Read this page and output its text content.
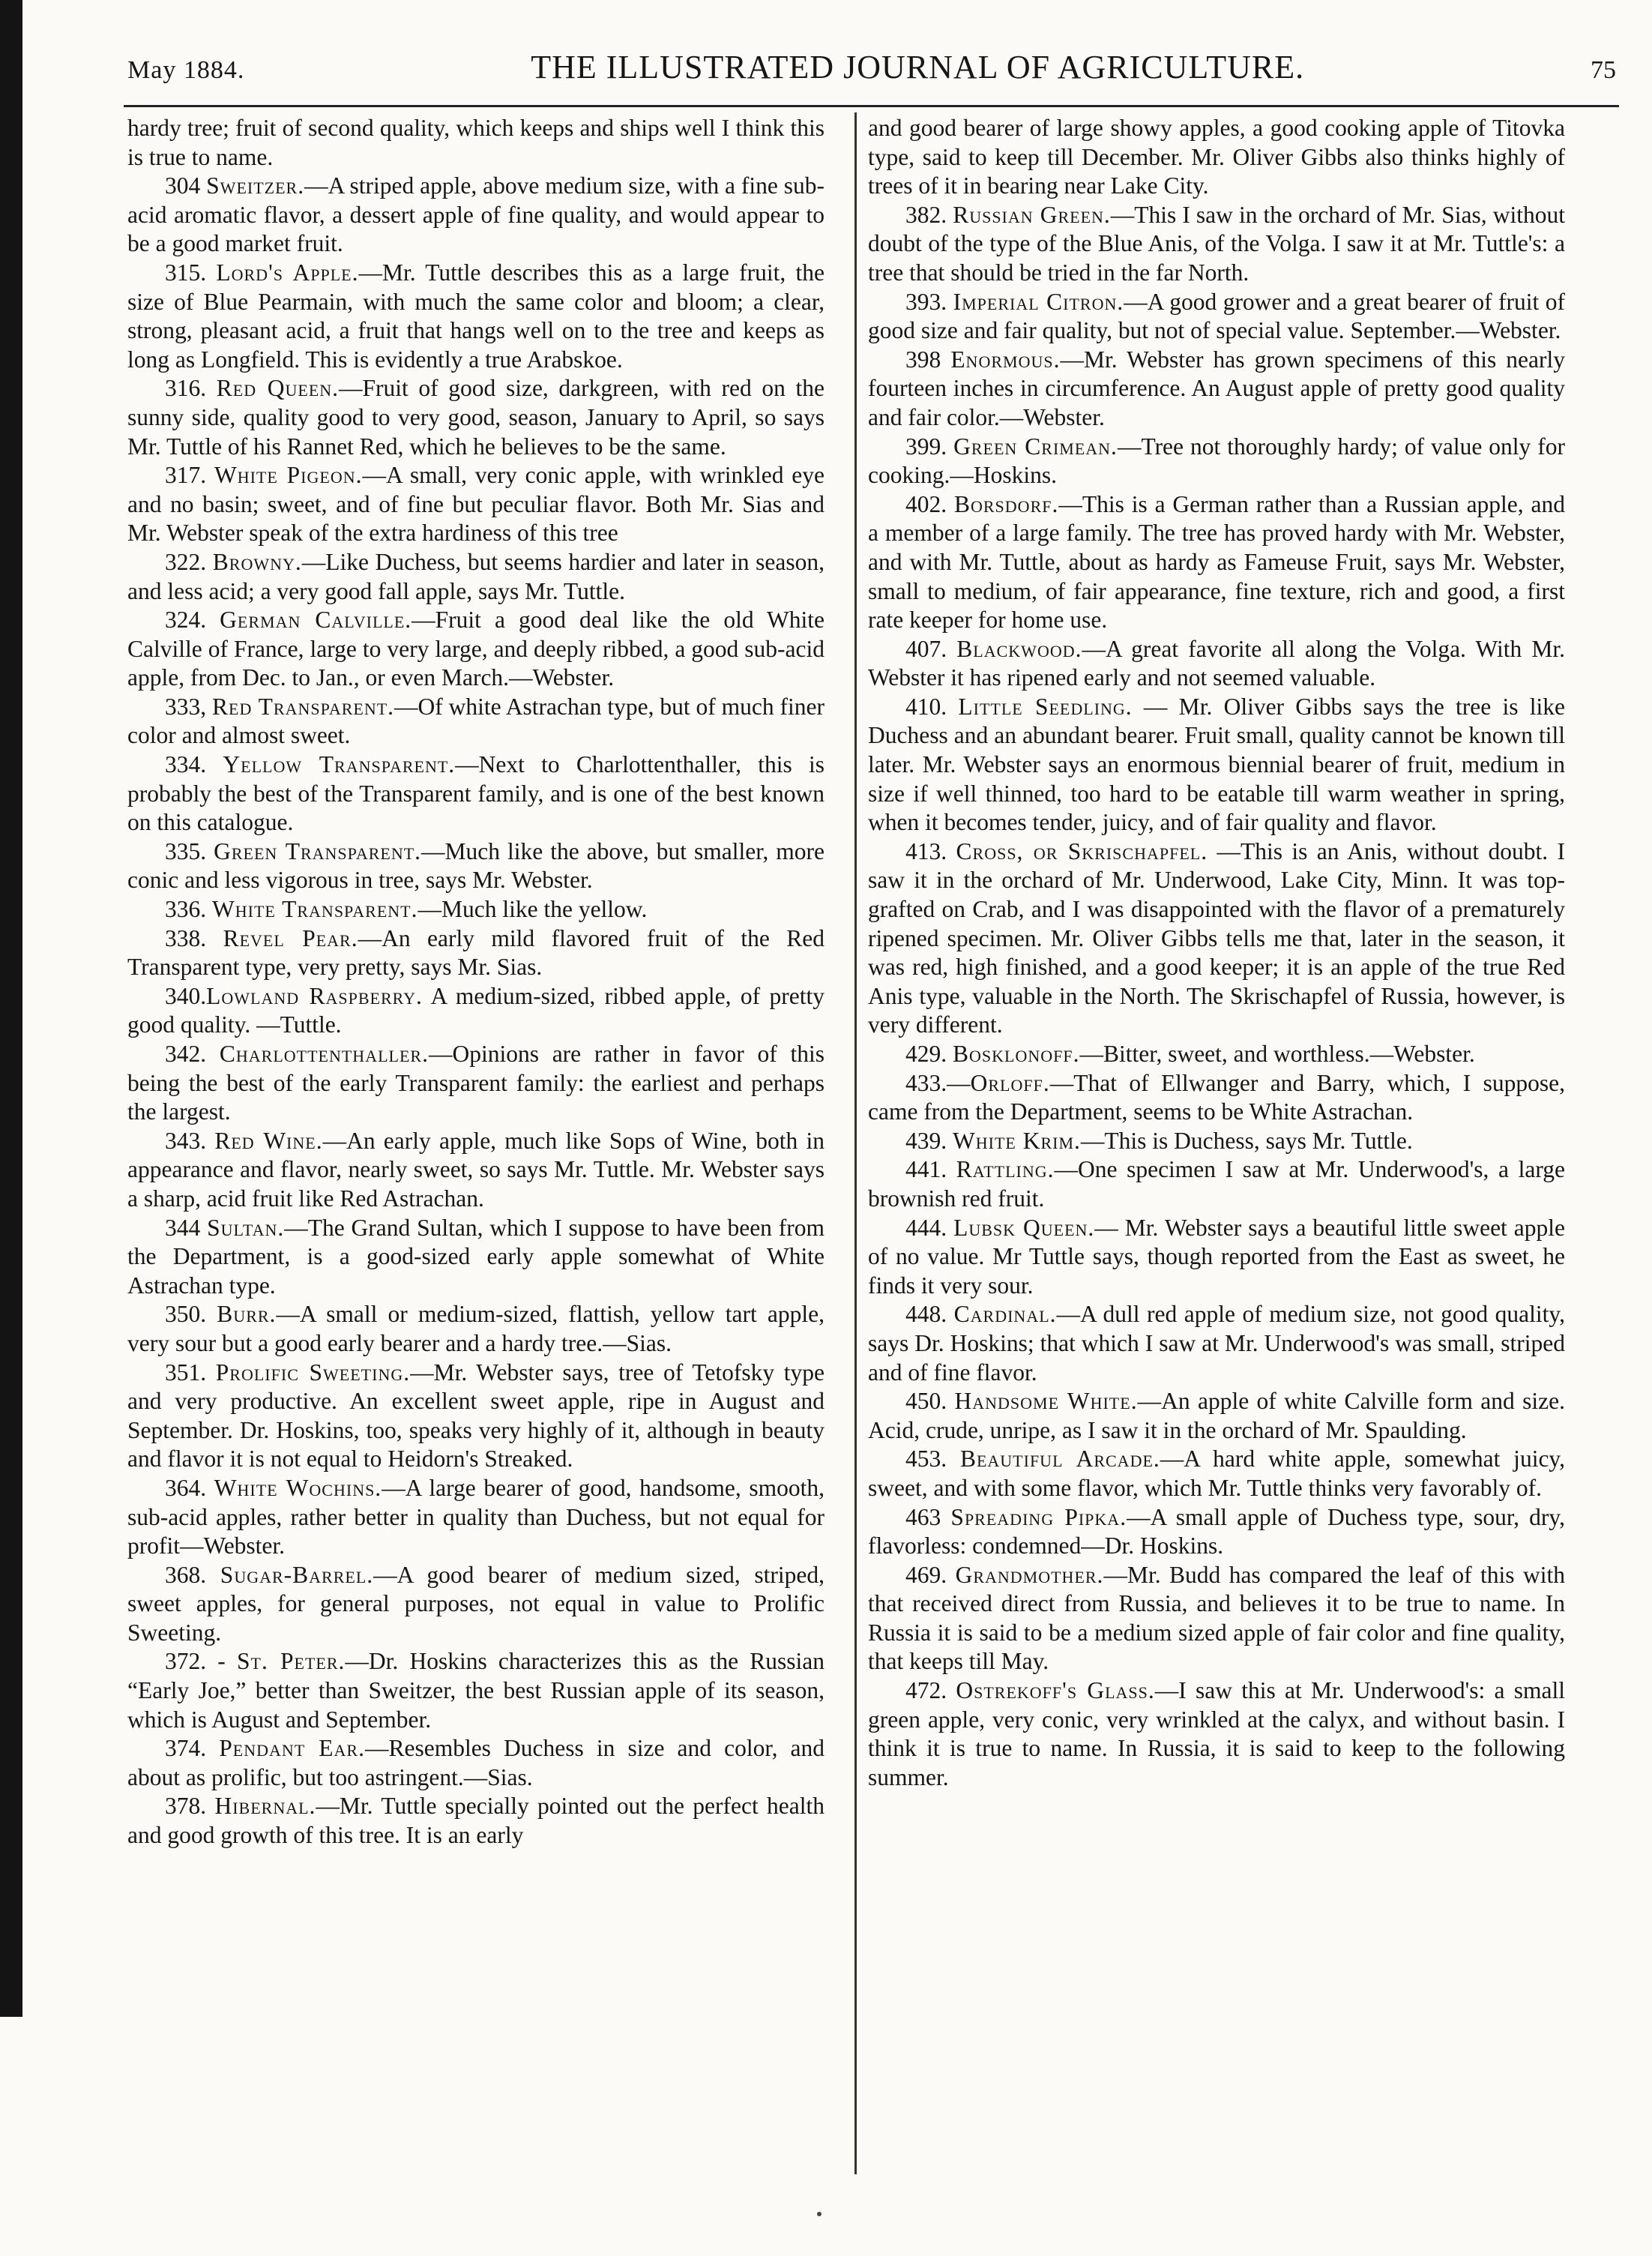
May 1884.	THE ILLUSTRATED JOURNAL OF AGRICULTURE.	75

hardy tree; fruit of second quality, which keeps and ships well I think this is true to name.

304 Sweitzer.—A striped apple, above medium size, with a fine sub-acid aromatic flavor, a dessert apple of fine quality, and would appear to be a good market fruit.

315. Lord's Apple.—Mr. Tuttle describes this as a large fruit, the size of Blue Pearmain, with much the same color and bloom; a clear, strong, pleasant acid, a fruit that hangs well on to the tree and keeps as long as Longfield. This is evidently a true Arabskoe.

316. Red Queen.—Fruit of good size, darkgreen, with red on the sunny side, quality good to very good, season, January to April, so says Mr. Tuttle of his Rannet Red, which he believes to be the same.

317. White Pigeon.—A small, very conic apple, with wrinkled eye and no basin; sweet, and of fine but peculiar flavor. Both Mr. Sias and Mr. Webster speak of the extra hardiness of this tree

322. Browny.—Like Duchess, but seems hardier and later in season, and less acid; a very good fall apple, says Mr. Tuttle.

324. German Calville.—Fruit a good deal like the old White Calville of France, large to very large, and deeply ribbed, a good sub-acid apple, from Dec. to Jan., or even March.—Webster.

333, Red Transparent.—Of white Astrachan type, but of much finer color and almost sweet.

334. Yellow Transparent.—Next to Charlottenthaller, this is probably the best of the Transparent family, and is one of the best known on this catalogue.

335. Green Transparent.—Much like the above, but smaller, more conic and less vigorous in tree, says Mr. Webster.

336. White Transparent.—Much like the yellow.

338. Revel Pear.—An early mild flavored fruit of the Red Transparent type, very pretty, says Mr. Sias.

340.Lowland Raspberry. A medium-sized, ribbed apple, of pretty good quality. —Tuttle.

342. Charlottenthaller.—Opinions are rather in favor of this being the best of the early Transparent family: the earliest and perhaps the largest.

343. Red Wine.—An early apple, much like Sops of Wine, both in appearance and flavor, nearly sweet, so says Mr. Tuttle. Mr. Webster says a sharp, acid fruit like Red Astrachan.

344 Sultan.—The Grand Sultan, which I suppose to have been from the Department, is a good-sized early apple somewhat of White Astrachan type.

350. Burr.—A small or medium-sized, flattish, yellow tart apple, very sour but a good early bearer and a hardy tree.—Sias.

351. Prolific Sweeting.—Mr. Webster says, tree of Tetofsky type and very productive. An excellent sweet apple, ripe in August and September. Dr. Hoskins, too, speaks very highly of it, although in beauty and flavor it is not equal to Heidorn's Streaked.

364. White Wochins.—A large bearer of good, handsome, smooth, sub-acid apples, rather better in quality than Duchess, but not equal for profit—Webster.

368. Sugar-Barrel.—A good bearer of medium sized, striped, sweet apples, for general purposes, not equal in value to Prolific Sweeting.

372. - St. Peter.—Dr. Hoskins characterizes this as the Russian “Early Joe,” better than Sweitzer, the best Russian apple of its season, which is August and September.

374. Pendant Ear.—Resembles Duchess in size and color, and about as prolific, but too astringent.—Sias.

378. Hibernal.—Mr. Tuttle specially pointed out the perfect health and good growth of this tree. It is an early

and good bearer of large showy apples, a good cooking apple of Titovka type, said to keep till December. Mr. Oliver Gibbs also thinks highly of trees of it in bearing near Lake City.

382. Russian Green.—This I saw in the orchard of Mr. Sias, without doubt of the type of the Blue Anis, of the Volga. I saw it at Mr. Tuttle's: a tree that should be tried in the far North.

393. Imperial Citron.—A good grower and a great bearer of fruit of good size and fair quality, but not of special value. September.—Webster.

398 Enormous.—Mr. Webster has grown specimens of this nearly fourteen inches in circumference. An August apple of pretty good quality and fair color.—Webster.

399. Green Crimean.—Tree not thoroughly hardy; of value only for cooking.—Hoskins.

402. Borsdorf.—This is a German rather than a Russian apple, and a member of a large family. The tree has proved hardy with Mr. Webster, and with Mr. Tuttle, about as hardy as Fameuse Fruit, says Mr. Webster, small to medium, of fair appearance, fine texture, rich and good, a first rate keeper for home use.

407. Blackwood.—A great favorite all along the Volga. With Mr. Webster it has ripened early and not seemed valuable.

410. Little Seedling. — Mr. Oliver Gibbs says the tree is like Duchess and an abundant bearer. Fruit small, quality cannot be known till later. Mr. Webster says an enormous biennial bearer of fruit, medium in size if well thinned, too hard to be eatable till warm weather in spring, when it becomes tender, juicy, and of fair quality and flavor.

413. Cross, or Skrischapfel. —This is an Anis, without doubt. I saw it in the orchard of Mr. Underwood, Lake City, Minn. It was top-grafted on Crab, and I was disappointed with the flavor of a prematurely ripened specimen. Mr. Oliver Gibbs tells me that, later in the season, it was red, high finished, and a good keeper; it is an apple of the true Red Anis type, valuable in the North. The Skrischapfel of Russia, however, is very different.

429. Bosklonoff.—Bitter, sweet, and worthless.—Webster.

433.—Orloff.—That of Ellwanger and Barry, which, I suppose, came from the Department, seems to be White Astrachan.

439. White Krim.—This is Duchess, says Mr. Tuttle.

441. Rattling.—One specimen I saw at Mr. Underwood's, a large brownish red fruit.

444. Lubsk Queen.— Mr. Webster says a beautiful little sweet apple of no value. Mr Tuttle says, though reported from the East as sweet, he finds it very sour.

448. Cardinal.—A dull red apple of medium size, not good quality, says Dr. Hoskins; that which I saw at Mr. Underwood's was small, striped and of fine flavor.

450. Handsome White.—An apple of white Calville form and size. Acid, crude, unripe, as I saw it in the orchard of Mr. Spaulding.

453. Beautiful Arcade.—A hard white apple, somewhat juicy, sweet, and with some flavor, which Mr. Tuttle thinks very favorably of.

463 Spreading Pipka.—A small apple of Duchess type, sour, dry, flavorless: condemned—Dr. Hoskins.

469. Grandmother.—Mr. Budd has compared the leaf of this with that received direct from Russia, and believes it to be true to name. In Russia it is said to be a medium sized apple of fair color and fine quality, that keeps till May.

472. Ostrekoff's Glass.—I saw this at Mr. Underwood's: a small green apple, very conic, very wrinkled at the calyx, and without basin. I think it is true to name. In Russia, it is said to keep to the following summer.
